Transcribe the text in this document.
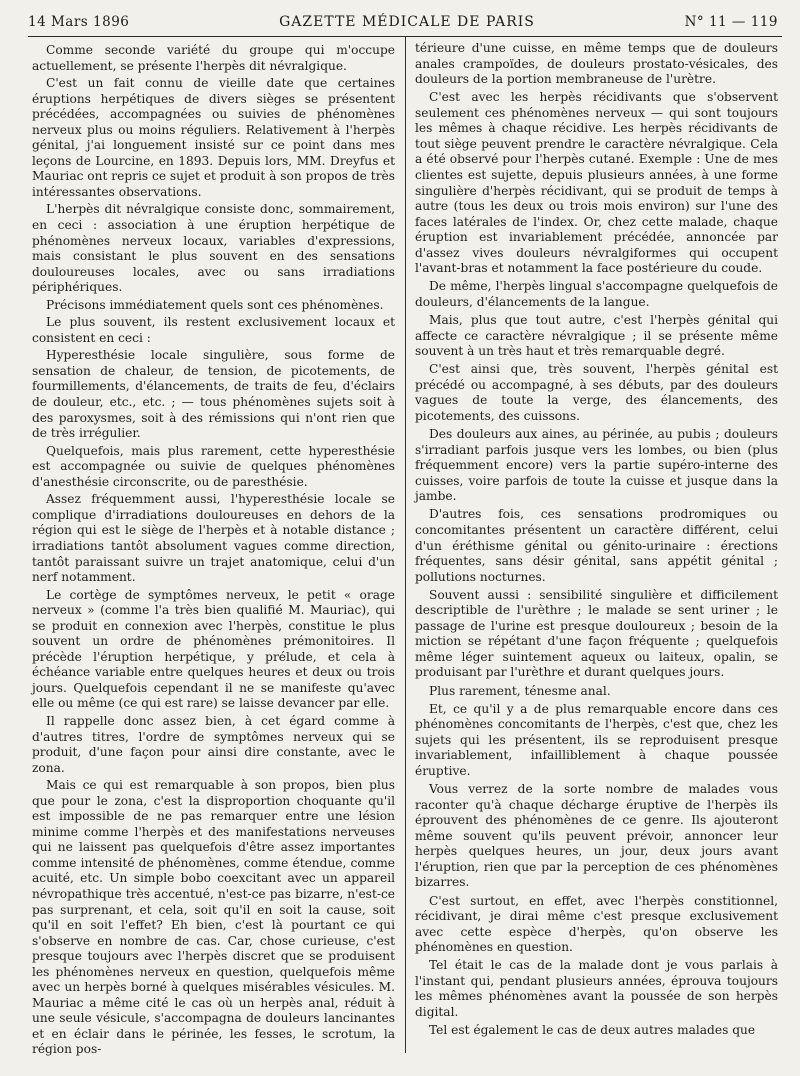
14 Mars 1896	GAZETTE MÉDICALE DE PARIS	N° 11 — 119

Comme seconde variété du groupe qui m'occupe actuellement, se présente l'herpès dit névralgique.

C'est un fait connu de vieille date que certaines éruptions herpétiques de divers sièges se présentent précédées, accompagnées ou suivies de phénomènes nerveux plus ou moins réguliers. Relativement à l'herpès génital, j'ai longuement insisté sur ce point dans mes leçons de Lourcine, en 1893. Depuis lors, MM. Dreyfus et Mauriac ont repris ce sujet et produit à son propos de très intéressantes observations.

L'herpès dit névralgique consiste donc, sommairement, en ceci : association à une éruption herpétique de phénomènes nerveux locaux, variables d'expressions, mais consistant le plus souvent en des sensations douloureuses locales, avec ou sans irradiations périphériques.

Précisons immédiatement quels sont ces phénomènes.

Le plus souvent, ils restent exclusivement locaux et consistent en ceci :

Hyperesthésie locale singulière, sous forme de sensation de chaleur, de tension, de picotements, de fourmillements, d'élancements, de traits de feu, d'éclairs de douleur, etc., etc. ; — tous phénomènes sujets soit à des paroxysmes, soit à des rémissions qui n'ont rien que de très irrégulier.

Quelquefois, mais plus rarement, cette hyperesthésie est accompagnée ou suivie de quelques phénomènes d'anesthésie circonscrite, ou de paresthésie.

Assez fréquemment aussi, l'hyperesthésie locale se complique d'irradiations douloureuses en dehors de la région qui est le siège de l'herpès et à notable distance ; irradiations tantôt absolument vagues comme direction, tantôt paraissant suivre un trajet anatomique, celui d'un nerf notamment.

Le cortège de symptômes nerveux, le petit « orage nerveux » (comme l'a très bien qualifié M. Mauriac), qui se produit en connexion avec l'herpès, constitue le plus souvent un ordre de phénomènes prémonitoires. Il précède l'éruption herpétique, y prélude, et cela à échéance variable entre quelques heures et deux ou trois jours. Quelquefois cependant il ne se manifeste qu'avec elle ou même (ce qui est rare) se laisse devancer par elle.

Il rappelle donc assez bien, à cet égard comme à d'autres titres, l'ordre de symptômes nerveux qui se produit, d'une façon pour ainsi dire constante, avec le zona.

Mais ce qui est remarquable à son propos, bien plus que pour le zona, c'est la disproportion choquante qu'il est impossible de ne pas remarquer entre une lésion minime comme l'herpès et des manifestations nerveuses qui ne laissent pas quelquefois d'être assez importantes comme intensité de phénomènes, comme étendue, comme acuité, etc. Un simple bobo coexcitant avec un appareil névropathique très accentué, n'est-ce pas bizarre, n'est-ce pas surprenant, et cela, soit qu'il en soit la cause, soit qu'il en soit l'effet? Eh bien, c'est là pourtant ce qui s'observe en nombre de cas. Car, chose curieuse, c'est presque toujours avec l'herpès discret que se produisent les phénomènes nerveux en question, quelquefois même avec un herpès borné à quelques misérables vésicules. M. Mauriac a même cité le cas où un herpès anal, réduit à une seule vésicule, s'accompagna de douleurs lancinantes et en éclair dans le périnée, les fesses, le scrotum, la région pos-

térieure d'une cuisse, en même temps que de douleurs anales crampoïdes, de douleurs prostato-vésicales, des douleurs de la portion membraneuse de l'urètre.

C'est avec les herpès récidivants que s'observent seulement ces phénomènes nerveux — qui sont toujours les mêmes à chaque récidive. Les herpès récidivants de tout siège peuvent prendre le caractère névralgique. Cela a été observé pour l'herpès cutané. Exemple : Une de mes clientes est sujette, depuis plusieurs années, à une forme singulière d'herpès récidivant, qui se produit de temps à autre (tous les deux ou trois mois environ) sur l'une des faces latérales de l'index. Or, chez cette malade, chaque éruption est invariablement précédée, annoncée par d'assez vives douleurs névralgiformes qui occupent l'avant-bras et notamment la face postérieure du coude.

De même, l'herpès lingual s'accompagne quelquefois de douleurs, d'élancements de la langue.

Mais, plus que tout autre, c'est l'herpès génital qui affecte ce caractère névralgique ; il se présente même souvent à un très haut et très remarquable degré.

C'est ainsi que, très souvent, l'herpès génital est précédé ou accompagné, à ses débuts, par des douleurs vagues de toute la verge, des élancements, des picotements, des cuissons.

Des douleurs aux aines, au périnée, au pubis ; douleurs s'irradiant parfois jusque vers les lombes, ou bien (plus fréquemment encore) vers la partie supéro-interne des cuisses, voire parfois de toute la cuisse et jusque dans la jambe.

D'autres fois, ces sensations prodromiques ou concomitantes présentent un caractère différent, celui d'un éréthisme génital ou génito-urinaire : érections fréquentes, sans désir génital, sans appétit génital ; pollutions nocturnes.

Souvent aussi : sensibilité singulière et difficilement descriptible de l'urèthre ; le malade se sent uriner ; le passage de l'urine est presque douloureux ; besoin de la miction se répétant d'une façon fréquente ; quelquefois même léger suintement aqueux ou laiteux, opalin, se produisant par l'urèthre et durant quelques jours.

Plus rarement, ténesme anal.

Et, ce qu'il y a de plus remarquable encore dans ces phénomènes concomitants de l'herpès, c'est que, chez les sujets qui les présentent, ils se reproduisent presque invariablement, infailliblement à chaque poussée éruptive.

Vous verrez de la sorte nombre de malades vous raconter qu'à chaque décharge éruptive de l'herpès ils éprouvent des phénomènes de ce genre. Ils ajouteront même souvent qu'ils peuvent prévoir, annoncer leur herpès quelques heures, un jour, deux jours avant l'éruption, rien que par la perception de ces phénomènes bizarres.

C'est surtout, en effet, avec l'herpès constitionnel, récidivant, je dirai même c'est presque exclusivement avec cette espèce d'herpès, qu'on observe les phénomènes en question.

Tel était le cas de la malade dont je vous parlais à l'instant qui, pendant plusieurs années, éprouva toujours les mêmes phénomènes avant la poussée de son herpès digital.

Tel est également le cas de deux autres malades que
